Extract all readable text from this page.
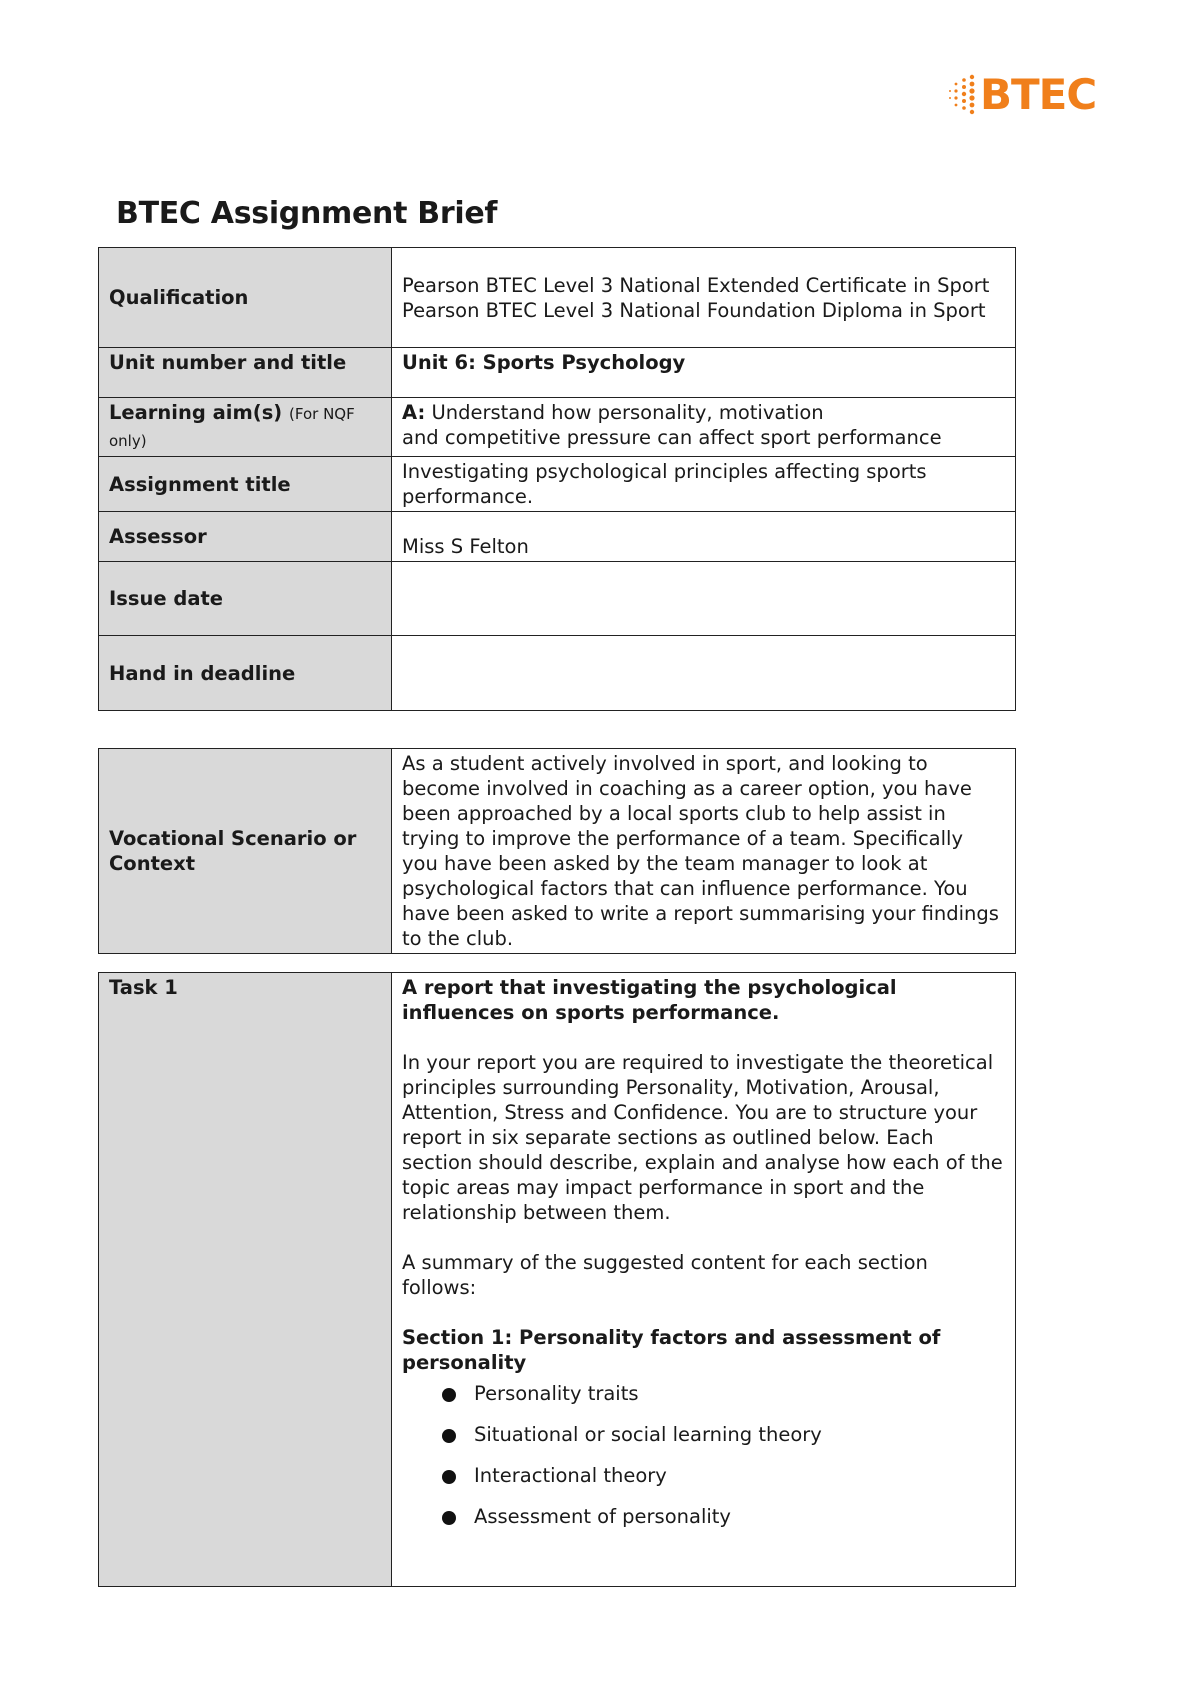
BTEC
BTEC Assignment Brief
Qualification	Pearson BTEC Level 3 National Extended Certificate in Sport

Pearson BTEC Level 3 National Foundation Diploma in Sport

Unit number and title	Unit 6: Sports Psychology
Learning aim(s) (For NQF only)	A: Understand how personality, motivation

and competitive pressure can affect sport performance

Assignment title	Investigating psychological principles affecting sports performance.
Assessor	Miss S Felton
Issue date	
Hand in deadline	
Vocational Scenario or Context	As a student actively involved in sport, and looking to become involved in coaching as a career option, you have been approached by a local sports club to help assist in trying to improve the performance of a team. Specifically you have been asked by the team manager to look at psychological factors that can influence performance. You have been asked to write a report summarising your findings to the club.
Task 1	A report that investigating the psychological influences on sports performance.

In your report you are required to investigate the theoretical principles surrounding Personality, Motivation, Arousal, Attention, Stress and Confidence. You are to structure your report in six separate sections as outlined below. Each section should describe, explain and analyse how each of the topic areas may impact performance in sport and the relationship between them.

A summary of the suggested content for each section follows:

Section 1: Personality factors and assessment of personality

Personality traits
Situational or social learning theory
Interactional theory
Assessment of personality
